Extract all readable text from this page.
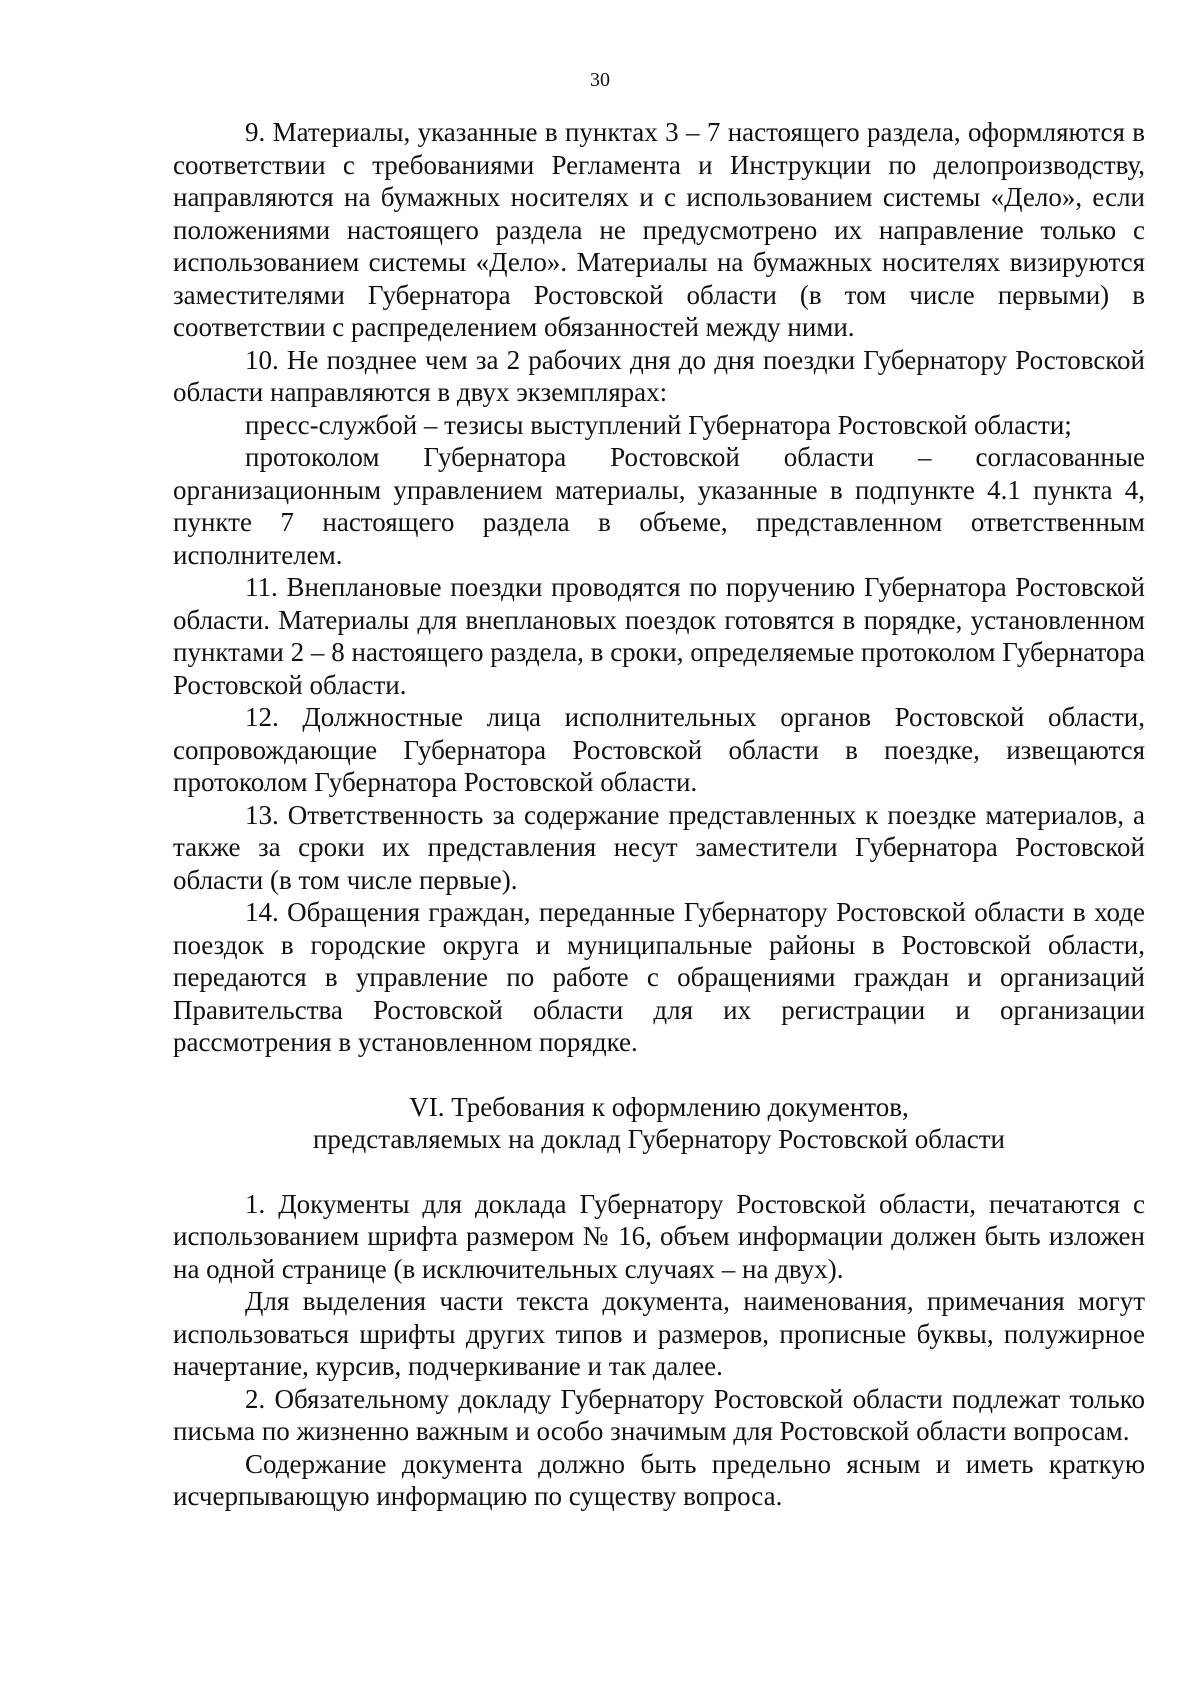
30

9. Материалы, указанные в пунктах 3 – 7 настоящего раздела, оформляются в соответствии с требованиями Регламента и Инструкции по делопроизводству, направляются на бумажных носителях и с использованием системы «Дело», если положениями настоящего раздела не предусмотрено их направление только с использованием системы «Дело». Материалы на бумажных носителях визируются заместителями Губернатора Ростовской области (в том числе первыми) в соответствии с распределением обязанностей между ними.

10. Не позднее чем за 2 рабочих дня до дня поездки Губернатору Ростовской области направляются в двух экземплярах:

пресс-службой – тезисы выступлений Губернатора Ростовской области;

протоколом Губернатора Ростовской области – согласованные организационным управлением материалы, указанные в подпункте 4.1 пункта 4, пункте 7 настоящего раздела в объеме, представленном ответственным исполнителем.

11. Внеплановые поездки проводятся по поручению Губернатора Ростовской области. Материалы для внеплановых поездок готовятся в порядке, установленном пунктами 2 – 8 настоящего раздела, в сроки, определяемые протоколом Губернатора Ростовской области.

12. Должностные лица исполнительных органов Ростовской области, сопровождающие Губернатора Ростовской области в поездке, извещаются протоколом Губернатора Ростовской области.

13. Ответственность за содержание представленных к поездке материалов, а также за сроки их представления несут заместители Губернатора Ростовской области (в том числе первые).

14. Обращения граждан, переданные Губернатору Ростовской области в ходе поездок в городские округа и муниципальные районы в Ростовской области, передаются в управление по работе с обращениями граждан и организаций Правительства Ростовской области для их регистрации и организации рассмотрения в установленном порядке.

VI. Требования к оформлению документов,
представляемых на доклад Губернатору Ростовской области

1. Документы для доклада Губернатору Ростовской области, печатаются с использованием шрифта размером № 16, объем информации должен быть изложен на одной странице (в исключительных случаях – на двух).

Для выделения части текста документа, наименования, примечания могут использоваться шрифты других типов и размеров, прописные буквы, полужирное начертание, курсив, подчеркивание и так далее.

2. Обязательному докладу Губернатору Ростовской области подлежат только письма по жизненно важным и особо значимым для Ростовской области вопросам.

Содержание документа должно быть предельно ясным и иметь краткую исчерпывающую информацию по существу вопроса.
